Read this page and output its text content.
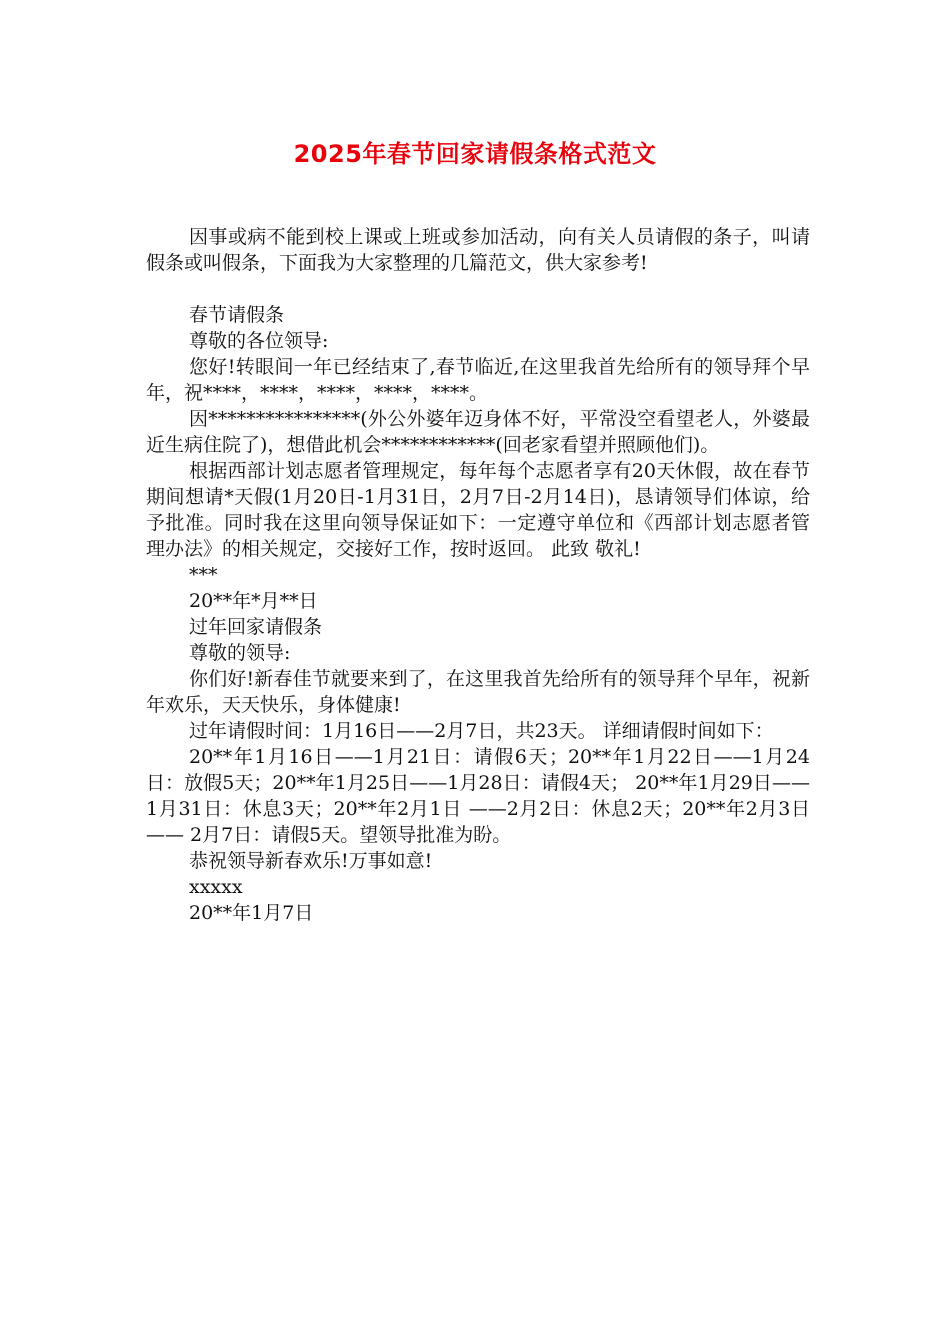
2025年春节回家请假条格式范文

因事或病不能到校上课或上班或参加活动，向有关人员请假的条子，叫请假条或叫假条，下面我为大家整理的几篇范文，供大家参考!

春节请假条

尊敬的各位领导:

您好!转眼间一年已经结束了,春节临近,在这里我首先给所有的领导拜个早年，祝****，****，****，****，****。

因****************(外公外婆年迈身体不好，平常没空看望老人，外婆最近生病住院了)，想借此机会************(回老家看望并照顾他们)。

根据西部计划志愿者管理规定，每年每个志愿者享有20天休假，故在春节期间想请*天假(1月20日-1月31日，2月7日-2月14日)，恳请领导们体谅，给予批准。同时我在这里向领导保证如下：一定遵守单位和《西部计划志愿者管理办法》的相关规定，交接好工作，按时返回。 此致 敬礼!

***

20**年*月**日

过年回家请假条

尊敬的领导:

你们好!新春佳节就要来到了，在这里我首先给所有的领导拜个早年，祝新年欢乐，天天快乐，身体健康!

过年请假时间：1月16日——2月7日，共23天。 详细请假时间如下：

20**年1月16日——1月21日：请假6天；20**年1月22日——1月24日：放假5天；20**年1月25日——1月28日：请假4天； 20**年1月29日——1月31日：休息3天；20**年2月1日 ——2月2日：休息2天；20**年2月3日 —— 2月7日：请假5天。望领导批准为盼。

恭祝领导新春欢乐!万事如意!

xxxxx

20**年1月7日
